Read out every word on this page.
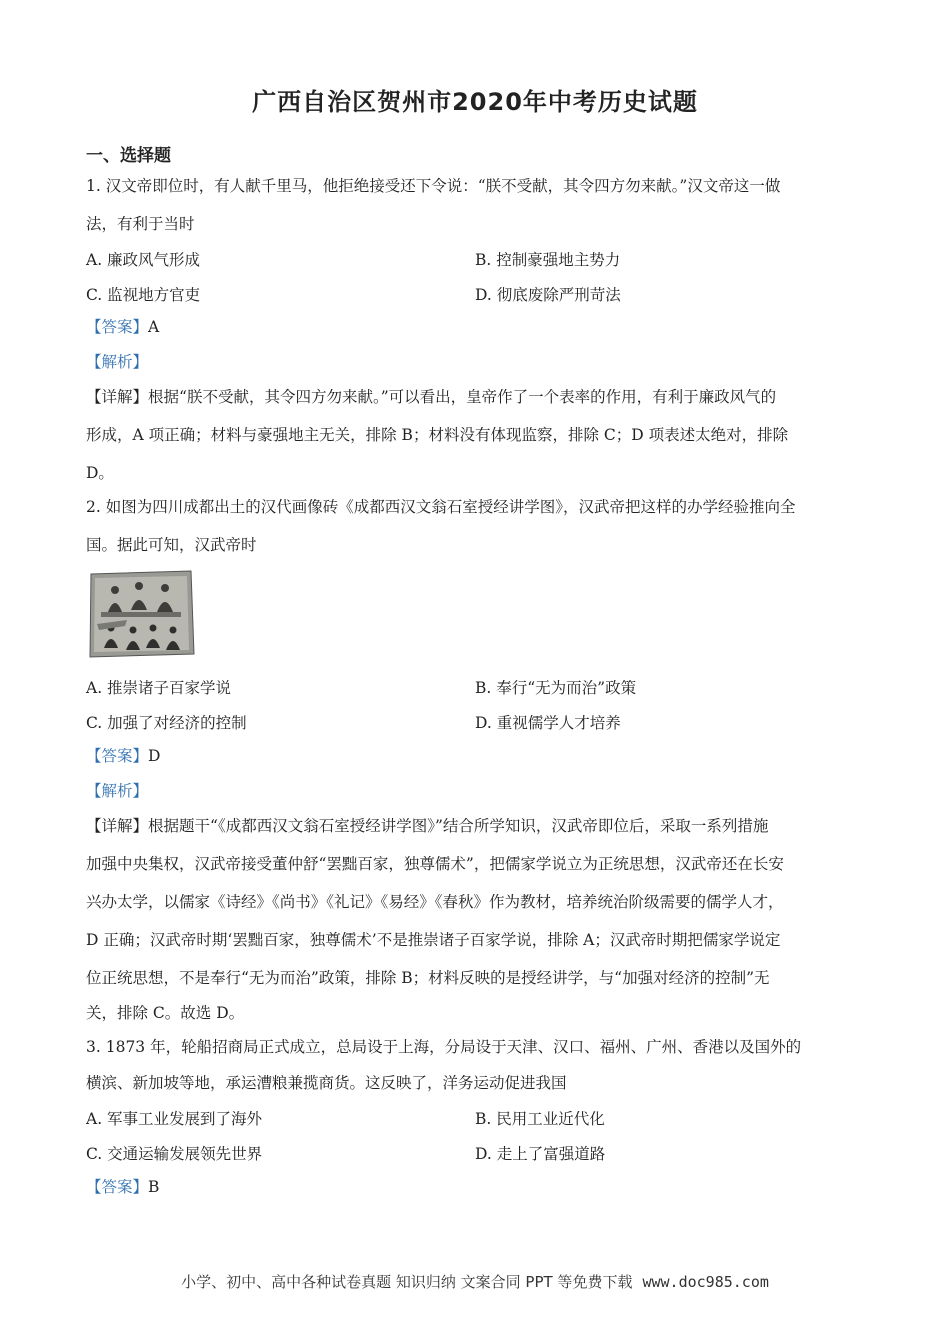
广西自治区贺州市2020年中考历史试题
一、选择题
1. 汉文帝即位时，有人献千里马，他拒绝接受还下令说：“朕不受献，其令四方勿来献。”汉文帝这一做
法，有利于当时
A. 廉政风气形成	B. 控制豪强地主势力
C. 监视地方官吏	D. 彻底废除严刑苛法
【答案】A
【解析】
【详解】根据“朕不受献，其令四方勿来献。”可以看出，皇帝作了一个表率的作用，有利于廉政风气的
形成，A 项正确；材料与豪强地主无关，排除 B；材料没有体现监察，排除 C；D 项表述太绝对，排除
D。
2. 如图为四川成都出土的汉代画像砖《成都西汉文翁石室授经讲学图》，汉武帝把这样的办学经验推向全
国。据此可知，汉武帝时
A. 推崇诸子百家学说	B. 奉行“无为而治”政策
C. 加强了对经济的控制	D. 重视儒学人才培养
【答案】D
【解析】
【详解】根据题干“《成都西汉文翁石室授经讲学图》”结合所学知识，汉武帝即位后，采取一系列措施
加强中央集权，汉武帝接受董仲舒“罢黜百家，独尊儒术”，把儒家学说立为正统思想，汉武帝还在长安
兴办太学，以儒家《诗经》《尚书》《礼记》《易经》《春秋》作为教材，培养统治阶级需要的儒学人才，
D 正确；汉武帝时期‘罢黜百家，独尊儒术’不是推崇诸子百家学说，排除 A；汉武帝时期把儒家学说定
位正统思想，不是奉行“无为而治”政策，排除 B；材料反映的是授经讲学，与“加强对经济的控制”无
关，排除 C。故选 D。
3. 1873 年，轮船招商局正式成立，总局设于上海，分局设于天津、汉口、福州、广州、香港以及国外的
横滨、新加坡等地，承运漕粮兼揽商货。这反映了，洋务运动促进我国
A. 军事工业发展到了海外	B. 民用工业近代化
C. 交通运输发展领先世界	D. 走上了富强道路
【答案】B
小学、初中、高中各种试卷真题 知识归纳 文案合同 PPT 等免费下载 www.doc985.com
